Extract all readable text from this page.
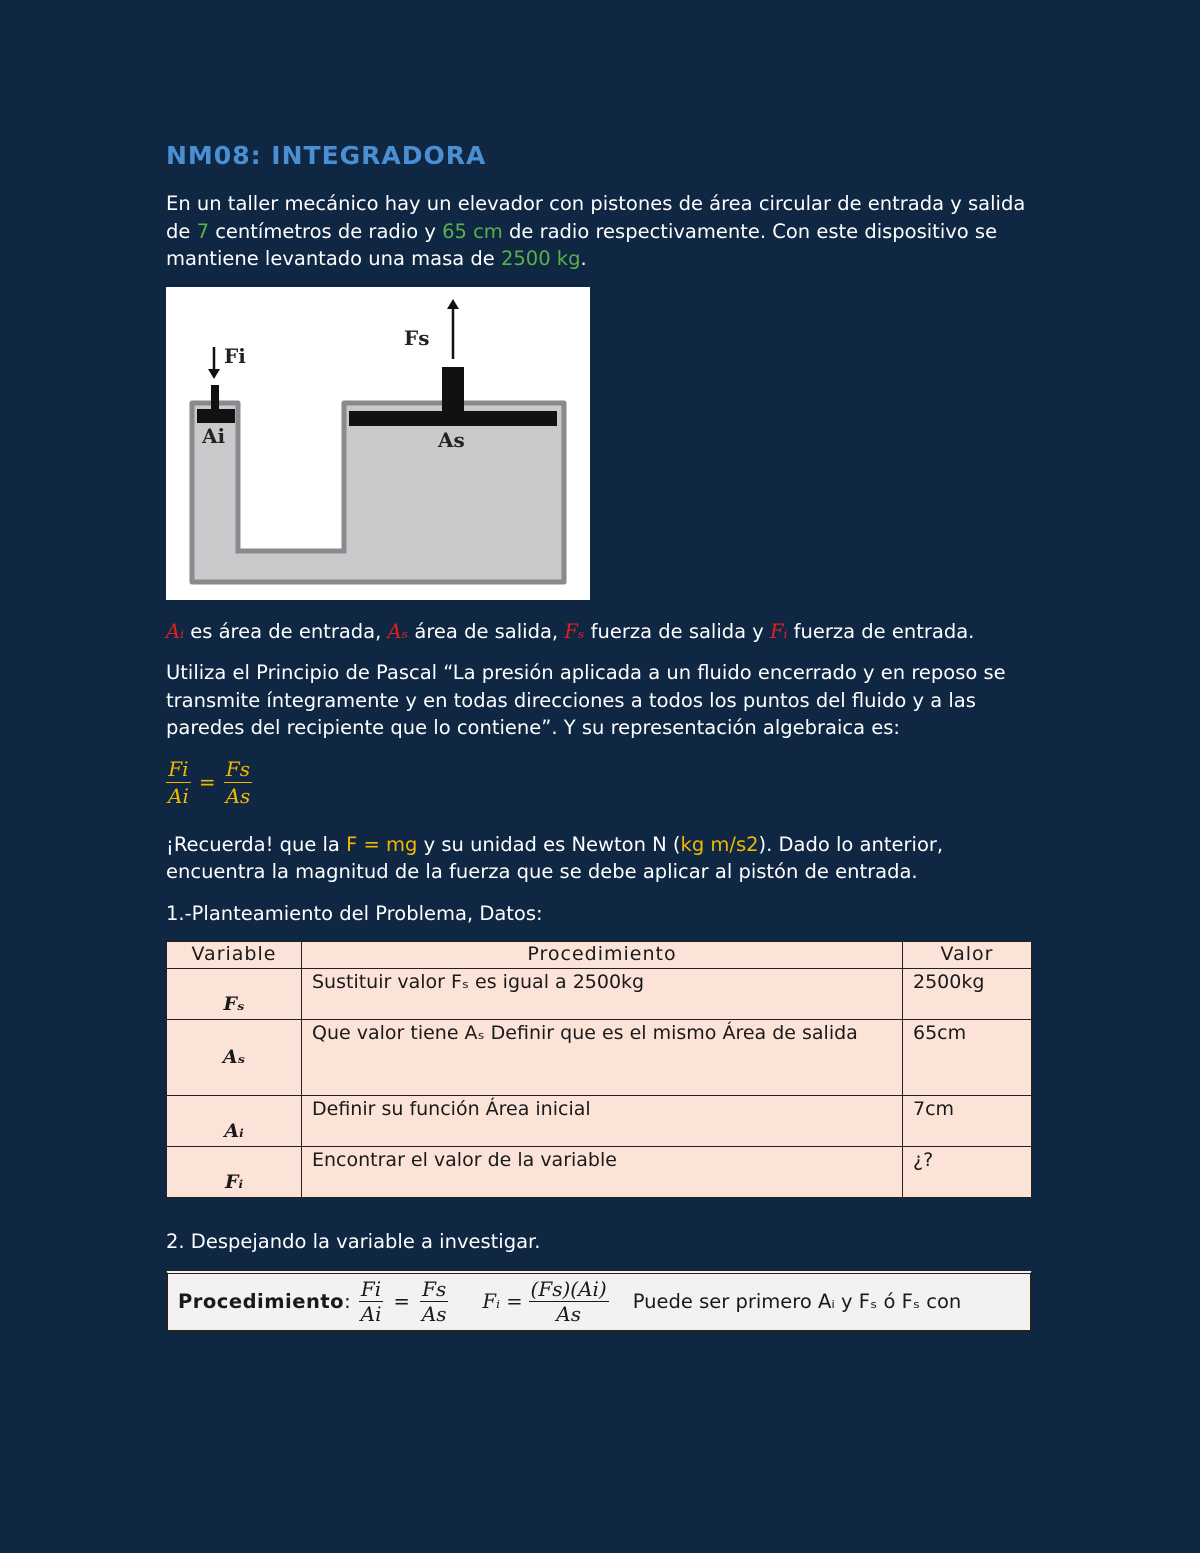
NM08: INTEGRADORA

En un taller mecánico hay un elevador con pistones de área circular de entrada y salida de 7 centímetros de radio y 65 cm de radio respectivamente. Con este dispositivo se mantiene levantado una masa de 2500 kg.

Fs
Fi
Ai	As

Aᵢ es área de entrada, Aₛ área de salida, Fₛ fuerza de salida y Fᵢ fuerza de entrada.

Utiliza el Principio de Pascal “La presión aplicada a un fluido encerrado y en reposo se transmite íntegramente y en todas direcciones a todos los puntos del fluido y a las paredes del recipiente que lo contiene”. Y su representación algebraica es:

$\frac{Fi}{Ai} = \frac{Fs}{As}$

¡Recuerda! que la F = mg y su unidad es Newton N (kg m/s2). Dado lo anterior, encuentra la magnitud de la fuerza que se debe aplicar al pistón de entrada.

1.-Planteamiento del Problema, Datos:

Variable	Procedimiento	Valor
Fₛ	Sustituir valor Fₛ es igual a 2500kg	2500kg
Aₛ	Que valor tiene Aₛ Definir que es el mismo Área de salida	65cm
Aᵢ	Definir su función Área inicial	7cm
Fᵢ	Encontrar el valor de la variable	¿?

2. Despejando la variable a investigar.

Procedimiento : $\frac{Fi}{Ai} = \frac{Fs}{As}$ Fᵢ = $\frac{(Fs)(Ai)}{As}$ Puede ser primero Aᵢ y Fₛ ó Fₛ con
